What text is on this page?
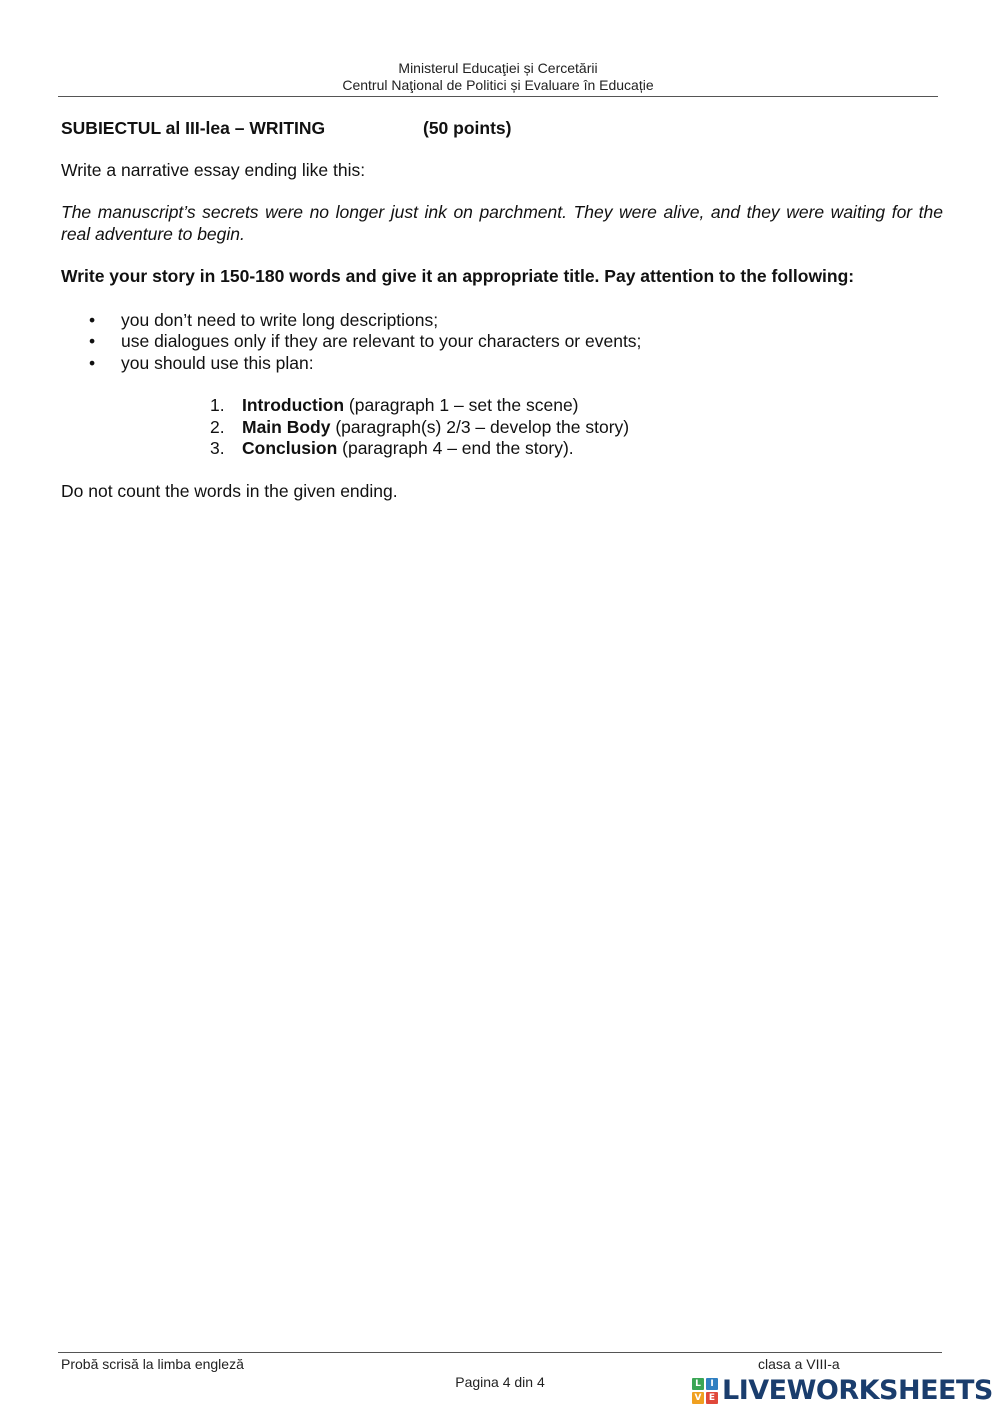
Ministerul Educaţiei și Cercetării
Centrul Naţional de Politici și Evaluare în Educație
SUBIECTUL al III-lea – WRITING	(50 points)

Write a narrative essay ending like this:

The manuscript’s secrets were no longer just ink on parchment. They were alive, and they were waiting for the real adventure to begin.

Write your story in 150-180 words and give it an appropriate title. Pay attention to the following:

• you don’t need to write long descriptions;
• use dialogues only if they are relevant to your characters or events;
• you should use this plan:
1. Introduction (paragraph 1 – set the scene)
2. Main Body (paragraph(s) 2/3 – develop the story)
3. Conclusion (paragraph 4 – end the story).

Do not count the words in the given ending.

Probă scrisă la limba engleză	clasa a VIII-a
Pagina 4 din 4	L	I
V E LIVEWORKSHEETS
